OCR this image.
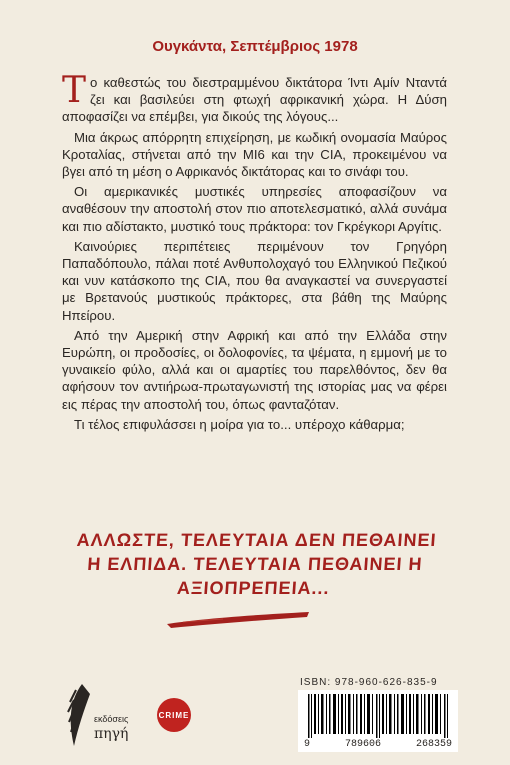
Ουγκάντα, Σεπτέμβριος 1978

Το καθεστώς του διεστραμμένου δικτάτορα Ίντι Αμίν Νταντά ζει και βασιλεύει στη φτωχή αφρικανική χώρα. Η Δύση αποφασίζει να επέμβει, για δικούς της λόγους...

Μια άκρως απόρρητη επιχείρηση, με κωδική ονομασία Μαύρος Κροταλίας, στήνεται από την MI6 και την CIA, προκειμένου να βγει από τη μέση ο Αφρικανός δικτάτορας και το σινάφι του.

Οι αμερικανικές μυστικές υπηρεσίες αποφασίζουν να αναθέσουν την αποστολή στον πιο αποτελεσματικό, αλλά συνάμα και πιο αδίστακτο, μυστικό τους πράκτορα: τον Γκρέγκορι Αργίτις.

Καινούριες περιπέτειες περιμένουν τον Γρηγόρη Παπαδόπουλο, πάλαι ποτέ Ανθυπολοχαγό του Ελληνικού Πεζικού και νυν κατάσκοπο της CIA, που θα αναγκαστεί να συνεργαστεί με Βρετανούς μυστικούς πράκτορες, στα βάθη της Μαύρης Ηπείρου.

Από την Αμερική στην Αφρική και από την Ελλάδα στην Ευρώπη, οι προδοσίες, οι δολοφονίες, τα ψέματα, η εμμονή με το γυναικείο φύλο, αλλά και οι αμαρτίες του παρελθόντος, δεν θα αφήσουν τον αντιήρωα-πρωταγωνιστή της ιστορίας μας να φέρει εις πέρας την αποστολή του, όπως φανταζόταν.

Τι τέλος επιφυλάσσει η μοίρα για το... υπέροχο κάθαρμα;

ΑΛΛΩΣΤΕ, ΤΕΛΕΥΤΑΙΑ ΔΕΝ ΠΕΘΑΙΝΕΙ
Η ΕΛΠΙΔΑ. ΤΕΛΕΥΤΑΙΑ ΠΕΘΑΙΝΕΙ Η
ΑΞΙΟΠΡΕΠΕΙΑ...
εκδόσεις
πηγή
CRIME
ISBN: 978-960-626-835-9
9	789606	268359
